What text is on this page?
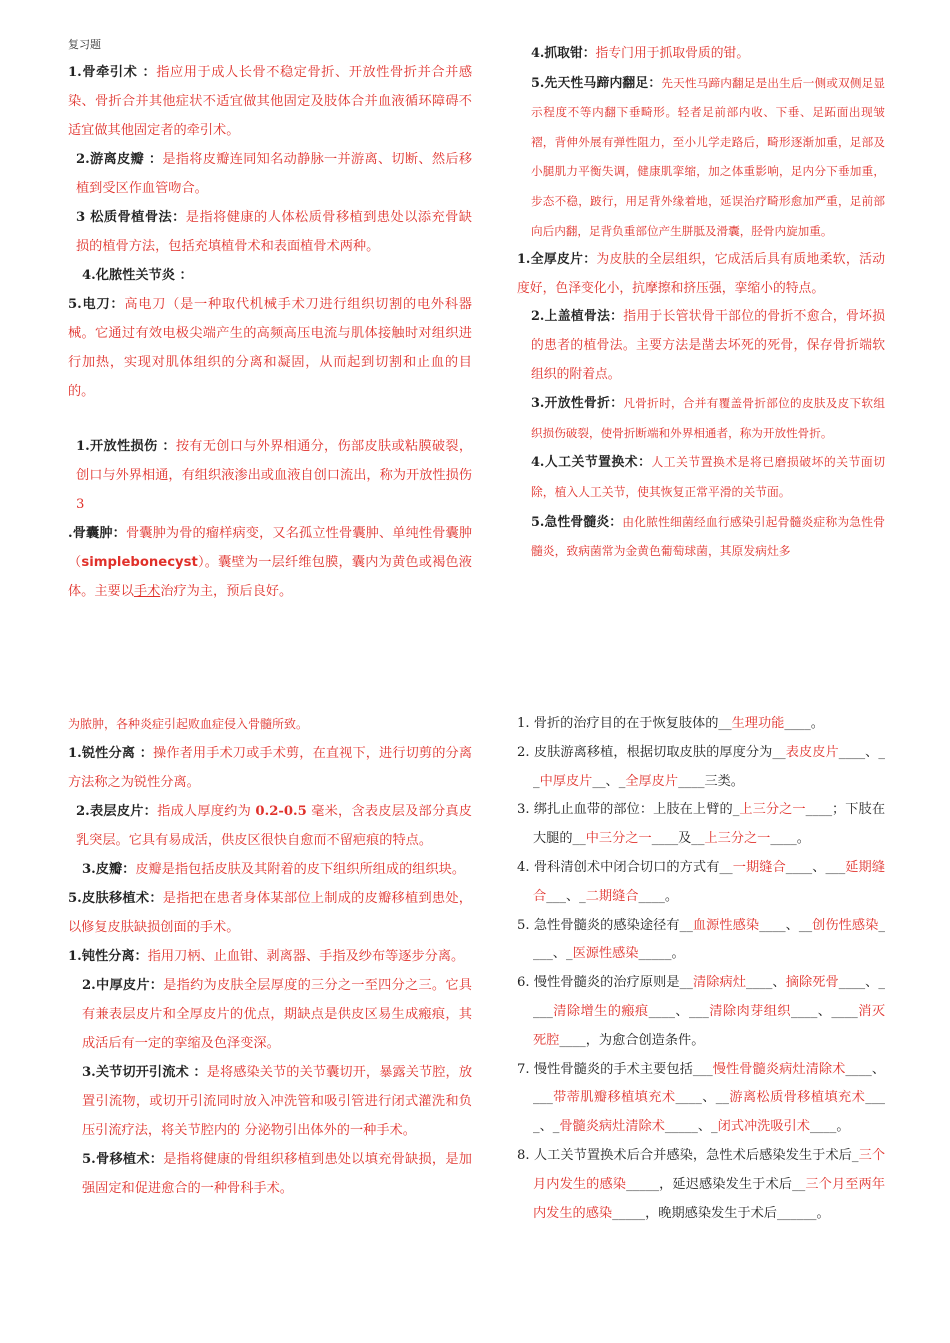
复习题

1.骨牵引术 ：指应用于成人长骨不稳定骨折、开放性骨折并合并感染、骨折合并其他症状不适宜做其他固定及肢体合并血液循环障碍不适宜做其他固定者的牵引术。

2.游离皮瓣 ：是指将皮瓣连同知名动静脉一并游离、切断、然后移植到受区作血管吻合。

3 松质骨植骨法：是指将健康的人体松质骨移植到患处以添充骨缺损的植骨方法，包括充填植骨术和表面植骨术两种。

4.化脓性关节炎 ：

5.电刀：高电刀（是一种取代机械手术刀进行组织切割的电外科器械。它通过有效电极尖端产生的高频高压电流与肌体接触时对组织进行加热，实现对肌体组织的分离和凝固，从而起到切割和止血的目的。

1.开放性损伤 ：按有无创口与外界相通分，伤部皮肤或粘膜破裂，创口与外界相通，有组织液渗出或血液自创口流出，称为开放性损伤3

.骨囊肿：骨囊肿为骨的瘤样病变，又名孤立性骨囊肿、单纯性骨囊肿（simplebonecyst）。囊壁为一层纤维包膜，囊内为黄色或褐色液体。主要以手术治疗为主，预后良好。

4.抓取钳：指专门用于抓取骨质的钳。

5.先天性马蹄内翻足：先天性马蹄内翻足是出生后一侧或双侧足显示程度不等内翻下垂畸形。轻者足前部内收、下垂、足跖面出现皱褶，背伸外展有弹性阻力，至小儿学走路后，畸形逐渐加重，足部及小腿肌力平衡失调，健康肌挛缩，加之体重影响，足内分下垂加重，步态不稳，跛行，用足背外缘着地，延误治疗畸形愈加严重，足前部向后内翻，足背负重部位产生胼胝及滑囊，胫骨内旋加重。

1.全厚皮片：为皮肤的全层组织，它成活后具有质地柔软，活动度好，色泽变化小，抗摩擦和挤压强，挛缩小的特点。

2.上盖植骨法：指用于长管状骨干部位的骨折不愈合，骨坏损的患者的植骨法。主要方法是凿去坏死的死骨，保存骨折端软组织的附着点。

3.开放性骨折：凡骨折时，合并有覆盖骨折部位的皮肤及皮下软组织损伤破裂，使骨折断端和外界相通者，称为开放性骨折。

4.人工关节置换术：人工关节置换术是将已磨损破坏的关节面切除，植入人工关节，使其恢复正常平滑的关节面。

5.急性骨髓炎：由化脓性细菌经血行感染引起骨髓炎症称为急性骨髓炎，致病菌常为金黄色葡萄球菌，其原发病灶多

为脓肿，各种炎症引起败血症侵入骨髓所致。

1.锐性分离 ：操作者用手术刀或手术剪，在直视下，进行切剪的分离方法称之为锐性分离。

2.表层皮片：指成人厚度约为 0.2-0.5 毫米，含表皮层及部分真皮乳突层。它具有易成活，供皮区很快自愈而不留疤痕的特点。

3.皮瓣：皮瓣是指包括皮肤及其附着的皮下组织所组成的组织块。

5.皮肤移植术：是指把在患者身体某部位上制成的皮瓣移植到患处，以修复皮肤缺损创面的手术。

1.钝性分离：指用刀柄、止血钳、剥离器、手指及纱布等逐步分离。

2.中厚皮片：是指约为皮肤全层厚度的三分之一至四分之三。它具有兼表层皮片和全厚皮片的优点，期缺点是供皮区易生成瘢痕，其成活后有一定的挛缩及色泽变深。

3.关节切开引流术 ：是将感染关节的关节囊切开，暴露关节腔，放置引流物，或切开引流同时放入冲洗管和吸引管进行闭式灌洗和负压引流疗法，将关节腔内的 分泌物引出体外的一种手术。

5.骨移植术：是指将健康的骨组织移植到患处以填充骨缺损，是加强固定和促进愈合的一种骨科手术。

1. 骨折的治疗目的在于恢复肢体的__生理功能____。

2. 皮肤游离移植，根据切取皮肤的厚度分为__表皮皮片____、__中厚皮片__、_全厚皮片____三类。

3. 绑扎止血带的部位：上肢在上臂的_上三分之一____；下肢在大腿的__中三分之一____及__上三分之一____。

4. 骨科清创术中闭合切口的方式有__一期缝合____、___延期缝合___、_二期缝合____。

5. 急性骨髓炎的感染途径有__血源性感染____、__创伤性感染____、_医源性感染_____。

6. 慢性骨髓炎的治疗原则是__清除病灶____、摘除死骨____、____清除增生的瘢痕____、___清除肉芽组织____、____消灭死腔____，为愈合创造条件。

7. 慢性骨髓炎的手术主要包括___慢性骨髓炎病灶清除术____、___带蒂肌瓣移植填充术____、__游离松质骨移植填充术____、_骨髓炎病灶清除术_____、_闭式冲洗吸引术____。

8. 人工关节置换术后合并感染，急性术后感染发生于术后_三个月内发生的感染_____，延迟感染发生于术后__三个月至两年内发生的感染_____，晚期感染发生于术后______。
